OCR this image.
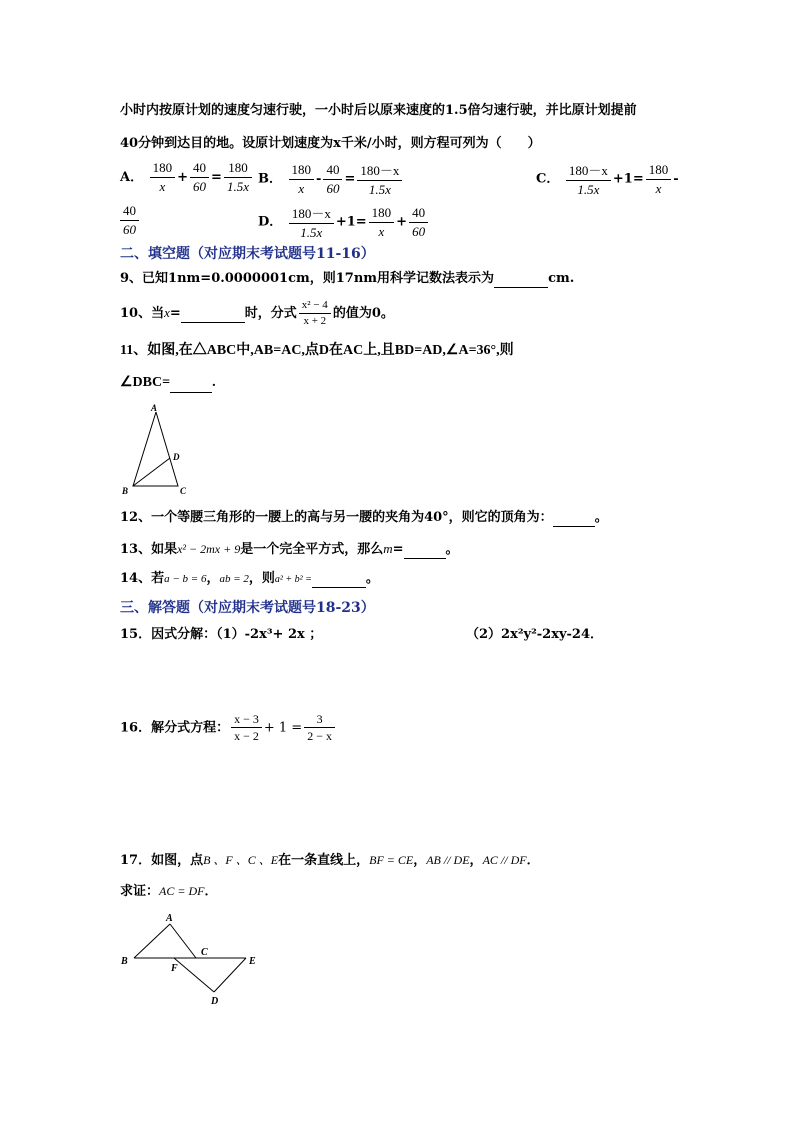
小时内按原计划的速度匀速行驶，一小时后以原来速度的1.5倍匀速行驶，并比原计划提前
40分钟到达目的地。设原计划速度为x千米/小时，则方程可列为（　　）
A． $\frac{180}{x} + \frac{40}{60} = \frac{180}{1.5x}$ B． $\frac{180}{x} - \frac{40}{60} = \frac{180-x}{1.5x}$	C． $\frac{180-x}{1.5x} +1= \frac{180}{x}$ -
$\frac{40}{60}$	D． $\frac{180-x}{1.5x} +1= \frac{180}{x} + \frac{40}{60}$
二、填空题（对应期末考试题号11-16）
9、已知1nm=0.0000001cm，则17nm用科学记数法表示为	cm.
10、当x=	时，分式 $\frac{\text{x² − 4}}{x + 2}$ 的值为0。
11、如图,在△ABC中,AB=AC,点D在AC上,且BD=AD,∠A=36°,则
∠DBC=	.
A
B	C
D
12、一个等腰三角形的一腰上的高与另一腰的夹角为40°，则它的顶角为：	。
13、如果x² − 2mx + 9是一个完全平方式，那么m=	。
14、若a − b = 6，ab = 2，则a² + b² =	。
三、解答题（对应期末考试题号18-23）
15．因式分解：（1）-2x³+ 2x ；	（2）2x²y²-2xy-24．
16．解分式方程： $\frac{x - 3}{x - 2} + 1 = \frac{3}{2 - x}$
17．如图，点B 、F 、C 、E在一条直线上，BF = CE，AB // DE，AC // DF．
求证：AC = DF．
A
B
C
D
E
F
